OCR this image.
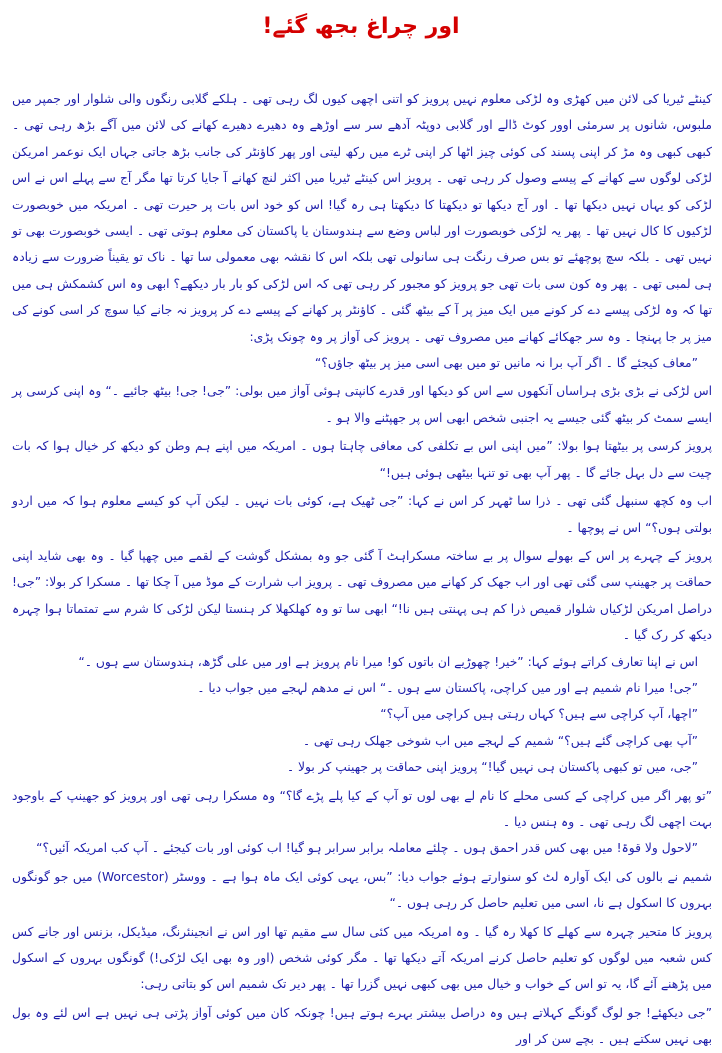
اور چراغ بجھ گئے!

کینٹے ٹیریا کی لائن میں کھڑی وہ لڑکی معلوم نہیں پرویز کو اتنی اچھی کیوں لگ رہی تھی ۔ ہلکے گلابی رنگوں والی شلوار اور جمپر میں ملبوس، شانوں پر سرمئی اوور کوٹ ڈالے اور گلابی دوپٹہ آدھے سر سے اوڑھے وہ دھیرے دھیرے کھانے کی لائن میں آگے بڑھ رہی تھی ۔ کبھی کبھی وہ مڑ کر اپنی پسند کی کوئی چیز اٹھا کر اپنی ٹرے میں رکھ لیتی اور پھر کاؤنٹر کی جانب بڑھ جاتی جہاں ایک نوعمر امریکن لڑکی لوگوں سے کھانے کے پیسے وصول کر رہی تھی ۔ پرویز اس کینٹے ٹیریا میں اکثر لنچ کھانے آ جایا کرتا تھا مگر آج سے پہلے اس نے اس لڑکی کو یہاں نہیں دیکھا تھا ۔ اور آج دیکھا تو دیکھتا کا دیکھتا ہی رہ گیا! اس کو خود اس بات پر حیرت تھی ۔ امریکہ میں خوبصورت لڑکیوں کا کال نہیں تھا ۔ پھر یہ لڑکی خوبصورت اور لباس وضع سے ہندوستان یا پاکستان کی معلوم ہوتی تھی ۔ ایسی خوبصورت بھی تو نہیں تھی ۔ بلکہ سچ پوچھئے تو بس صرف رنگت ہی سانولی تھی بلکہ اس کا نقشہ بھی معمولی سا تھا ۔ ناک تو یقیناً ضرورت سے زیادہ ہی لمبی تھی ۔ پھر وہ کون سی بات تھی جو پرویز کو مجبور کر رہی تھی کہ اس لڑکی کو بار بار دیکھے؟ ابھی وہ اس کشمکش ہی میں تھا کہ وہ لڑکی پیسے دے کر کونے میں ایک میز پر آ کے بیٹھ گئی ۔ کاؤنٹر پر کھانے کے پیسے دے کر پرویز نہ جانے کیا سوچ کر اسی کونے کی میز پر جا پہنچا ۔ وہ سر جھکائے کھانے میں مصروف تھی ۔ پرویز کی آواز پر وہ چونک پڑی:

”معاف کیجئے گا ۔ اگر آپ برا نہ مانیں تو میں بھی اسی میز پر بیٹھ جاؤں؟“

اس لڑکی نے بڑی بڑی ہراساں آنکھوں سے اس کو دیکھا اور قدرے کانپتی ہوئی آواز میں بولی: ”جی! جی! بیٹھ جائیے ۔“ وہ اپنی کرسی پر ایسے سمٹ کر بیٹھ گئی جیسے یہ اجنبی شخص ابھی اس پر جھپٹنے والا ہو ۔

پرویز کرسی پر بیٹھتا ہوا بولا: ”میں اپنی اس بے تکلفی کی معافی چاہتا ہوں ۔ امریکہ میں اپنے ہم وطن کو دیکھ کر خیال ہوا کہ بات چیت سے دل بہل جائے گا ۔ پھر آپ بھی تو تنہا بیٹھی ہوئی ہیں!“

اب وہ کچھ سنبھل گئی تھی ۔ ذرا سا ٹھہر کر اس نے کہا: ”جی ٹھیک ہے، کوئی بات نہیں ۔ لیکن آپ کو کیسے معلوم ہوا کہ میں اردو بولتی ہوں؟“ اس نے پوچھا ۔

پرویز کے چہرے پر اس کے بھولے سوال پر بے ساختہ مسکراہٹ آ گئی جو وہ بمشکل گوشت کے لقمے میں چھپا گیا ۔ وہ بھی شاید اپنی حماقت پر جھینپ سی گئی تھی اور اب جھک کر کھانے میں مصروف تھی ۔ پرویز اب شرارت کے موڈ میں آ چکا تھا ۔ مسکرا کر بولا: ”جی! دراصل امریکن لڑکیاں شلوار قمیص ذرا کم ہی پہنتی ہیں نا!“ ابھی سا تو وہ کھلکھلا کر ہنستا لیکن لڑکی کا شرم سے تمتماتا ہوا چہرہ دیکھ کر رک گیا ۔

اس نے اپنا تعارف کراتے ہوئے کہا: ”خیر! چھوڑیے ان باتوں کو! میرا نام پرویز ہے اور میں علی گڑھ، ہندوستان سے ہوں ۔“

”جی! میرا نام شمیم ہے اور میں کراچی، پاکستان سے ہوں ۔“ اس نے مدھم لہجے میں جواب دیا ۔

”اچھا، آپ کراچی سے ہیں؟ کہاں رہتی ہیں کراچی میں آپ؟“

”آپ بھی کراچی گئے ہیں؟“ شمیم کے لہجے میں اب شوخی جھلک رہی تھی ۔

”جی، میں تو کبھی پاکستان ہی نہیں گیا!“ پرویز اپنی حماقت پر جھینپ کر بولا ۔

”تو پھر اگر میں کراچی کے کسی محلے کا نام لے بھی لوں تو آپ کے کیا پلے پڑے گا؟“ وہ مسکرا رہی تھی اور پرویز کو جھینپ کے باوجود بہت اچھی لگ رہی تھی ۔ وہ ہنس دیا ۔

”لاحول ولا قوۃ! میں بھی کس قدر احمق ہوں ۔ چلئے معاملہ برابر سرابر ہو گیا! اب کوئی اور بات کیجئے ۔ آپ کب امریکہ آئیں؟“

شمیم نے بالوں کی ایک آوارہ لٹ کو سنوارتے ہوئے جواب دیا: ”بس، یہی کوئی ایک ماہ ہوا ہے ۔ ووسٹر (Worcestor) میں جو گونگوں بہروں کا اسکول ہے نا، اسی میں تعلیم حاصل کر رہی ہوں ۔“

پرویز کا متحیر چہرہ سے کھلے کا کھلا رہ گیا ۔ وہ امریکہ میں کئی سال سے مقیم تھا اور اس نے انجینئرنگ، میڈیکل، بزنس اور جانے کس کس شعبہ میں لوگوں کو تعلیم حاصل کرنے امریکہ آتے دیکھا تھا ۔ مگر کوئی شخص (اور وہ بھی ایک لڑکی!) گونگوں بہروں کے اسکول میں پڑھنے آئے گا، یہ تو اس کے خواب و خیال میں بھی کبھی نہیں گزرا تھا ۔ پھر دیر تک شمیم اس کو بتاتی رہی:

”جی دیکھئے! جو لوگ گونگے کہلاتے ہیں وہ دراصل بیشتر بہرے ہوتے ہیں! چونکہ کان میں کوئی آواز پڑتی ہی نہیں ہے اس لئے وہ بول بھی نہیں سکتے ہیں ۔ بچے سن کر اور
